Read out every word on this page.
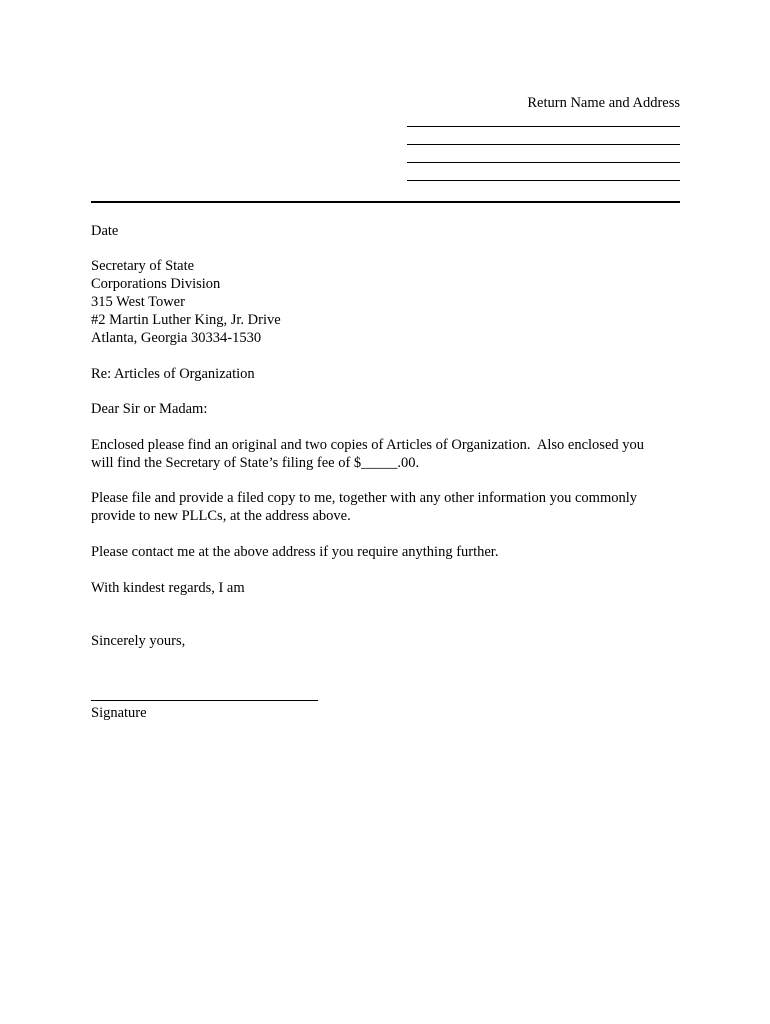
Return Name and Address
Date
Secretary of State
Corporations Division
315 West Tower
#2 Martin Luther King, Jr. Drive
Atlanta, Georgia 30334-1530
Re: Articles of Organization
Dear Sir or Madam:
Enclosed please find an original and two copies of Articles of Organization.  Also enclosed you
will find the Secretary of State’s filing fee of $_____.00.
Please file and provide a filed copy to me, together with any other information you commonly
provide to new PLLCs, at the address above.
Please contact me at the above address if you require anything further.
With kindest regards, I am
Sincerely yours,
Signature
